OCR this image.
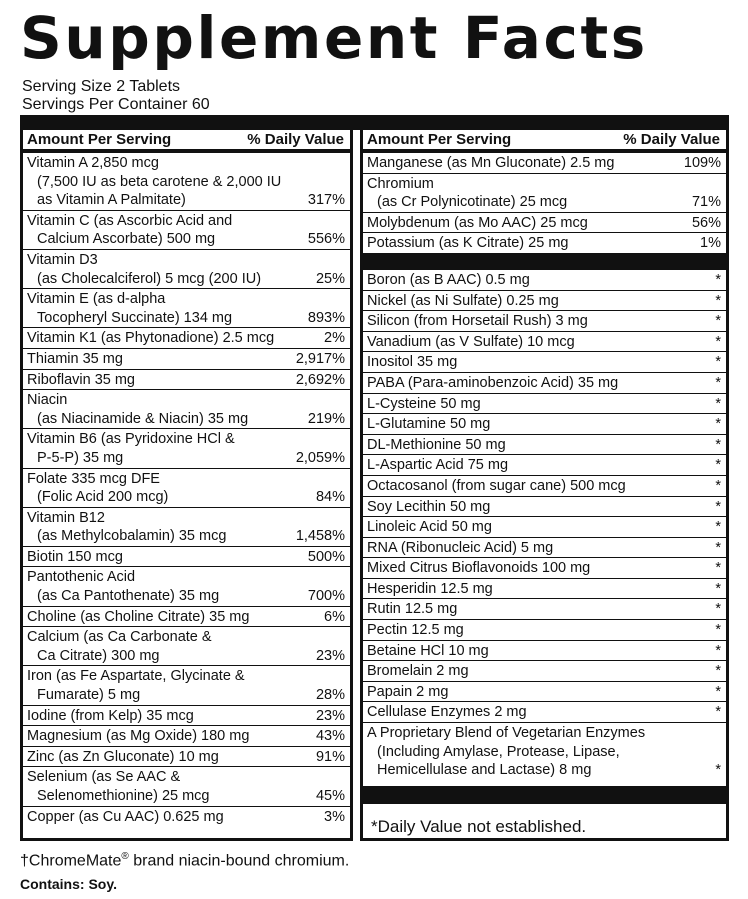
Supplement Facts
Serving Size 2 Tablets
Servings Per Container 60
Amount Per Serving	% Daily Value
Vitamin A 2,850 mcg
(7,500 IU as beta carotene & 2,000 IU
as Vitamin A Palmitate)	317%
Vitamin C (as Ascorbic Acid and
Calcium Ascorbate) 500 mg	556%
Vitamin D3
(as Cholecalciferol) 5 mcg (200 IU)	25%
Vitamin E (as d-alpha
Tocopheryl Succinate) 134 mg	893%
Vitamin K1 (as Phytonadione) 2.5 mcg	2%
Thiamin 35 mg	2,917%
Riboflavin 35 mg	2,692%
Niacin
(as Niacinamide & Niacin) 35 mg	219%
Vitamin B6 (as Pyridoxine HCl &
P-5-P) 35 mg	2,059%
Folate 335 mcg DFE
(Folic Acid 200 mcg)	84%
Vitamin B12
(as Methylcobalamin) 35 mcg	1,458%
Biotin 150 mcg	500%
Pantothenic Acid
(as Ca Pantothenate) 35 mg	700%
Choline (as Choline Citrate) 35 mg	6%
Calcium (as Ca Carbonate &
Ca Citrate) 300 mg	23%
Iron (as Fe Aspartate, Glycinate &
Fumarate) 5 mg	28%
Iodine (from Kelp) 35 mcg	23%
Magnesium (as Mg Oxide) 180 mg	43%
Zinc (as Zn Gluconate) 10 mg	91%
Selenium (as Se AAC &
Selenomethionine) 25 mcg	45%
Copper (as Cu AAC) 0.625 mg	3%
Amount Per Serving	% Daily Value
Manganese (as Mn Gluconate) 2.5 mg	109%
Chromium
(as Cr Polynicotinate) 25 mcg	71%
Molybdenum (as Mo AAC) 25 mcg	56%
Potassium (as K Citrate) 25 mg	1%
Boron (as B AAC) 0.5 mg	*
Nickel (as Ni Sulfate) 0.25 mg	*
Silicon (from Horsetail Rush) 3 mg	*
Vanadium (as V Sulfate) 10 mcg	*
Inositol 35 mg	*
PABA (Para-aminobenzoic Acid) 35 mg	*
L-Cysteine 50 mg	*
L-Glutamine 50 mg	*
DL-Methionine 50 mg	*
L-Aspartic Acid 75 mg	*
Octacosanol (from sugar cane) 500 mcg	*
Soy Lecithin 50 mg	*
Linoleic Acid 50 mg	*
RNA (Ribonucleic Acid) 5 mg	*
Mixed Citrus Bioflavonoids 100 mg	*
Hesperidin 12.5 mg	*
Rutin 12.5 mg	*
Pectin 12.5 mg	*
Betaine HCl 10 mg	*
Bromelain 2 mg	*
Papain 2 mg	*
Cellulase Enzymes 2 mg	*
A Proprietary Blend of Vegetarian Enzymes
(Including Amylase, Protease, Lipase,
Hemicellulase and Lactase) 8 mg	*
*Daily Value not established.
†ChromeMate® brand niacin-bound chromium.
Contains: Soy.
